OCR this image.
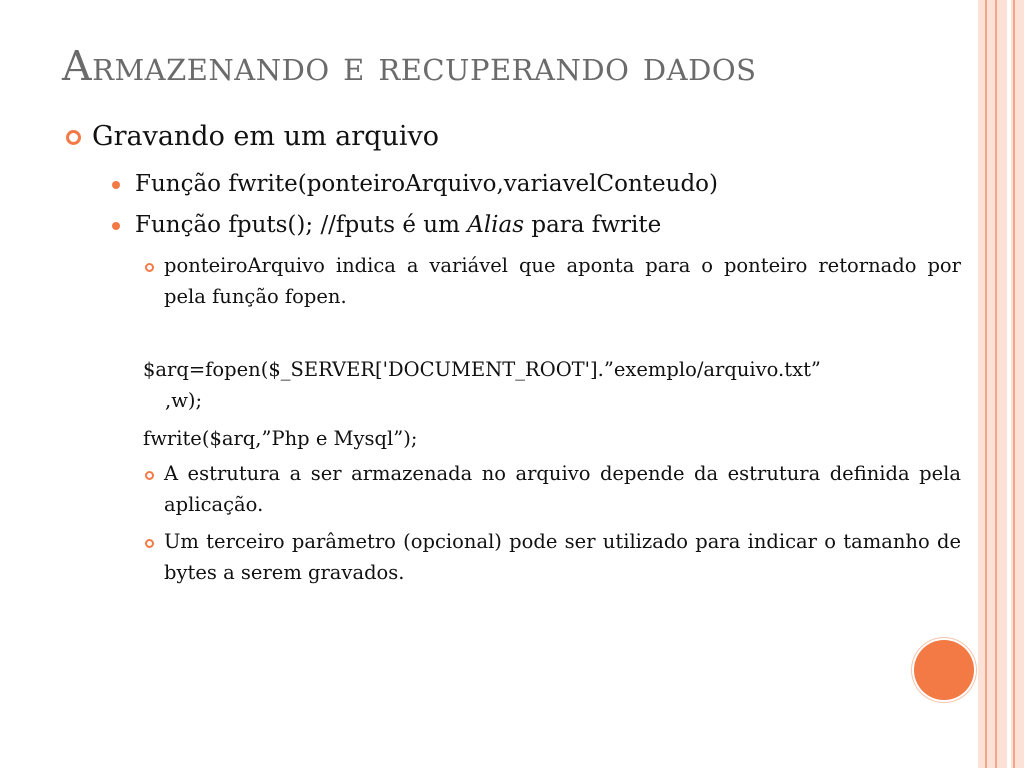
Armazenando e recuperando dados
Gravando em um arquivo
Função fwrite(ponteiroArquivo,variavelConteudo)
Função fputs(); //fputs é um Alias para fwrite
ponteiroArquivo indica a variável que aponta para o ponteiro retornado por pela função fopen.
$arq=fopen($_SERVER['DOCUMENT_ROOT'].”exemplo/arquivo.txt”
,w);
fwrite($arq,”Php e Mysql”);
A estrutura a ser armazenada no arquivo depende da estrutura definida pela aplicação.
Um terceiro parâmetro (opcional) pode ser utilizado para indicar o tamanho de bytes a serem gravados.
